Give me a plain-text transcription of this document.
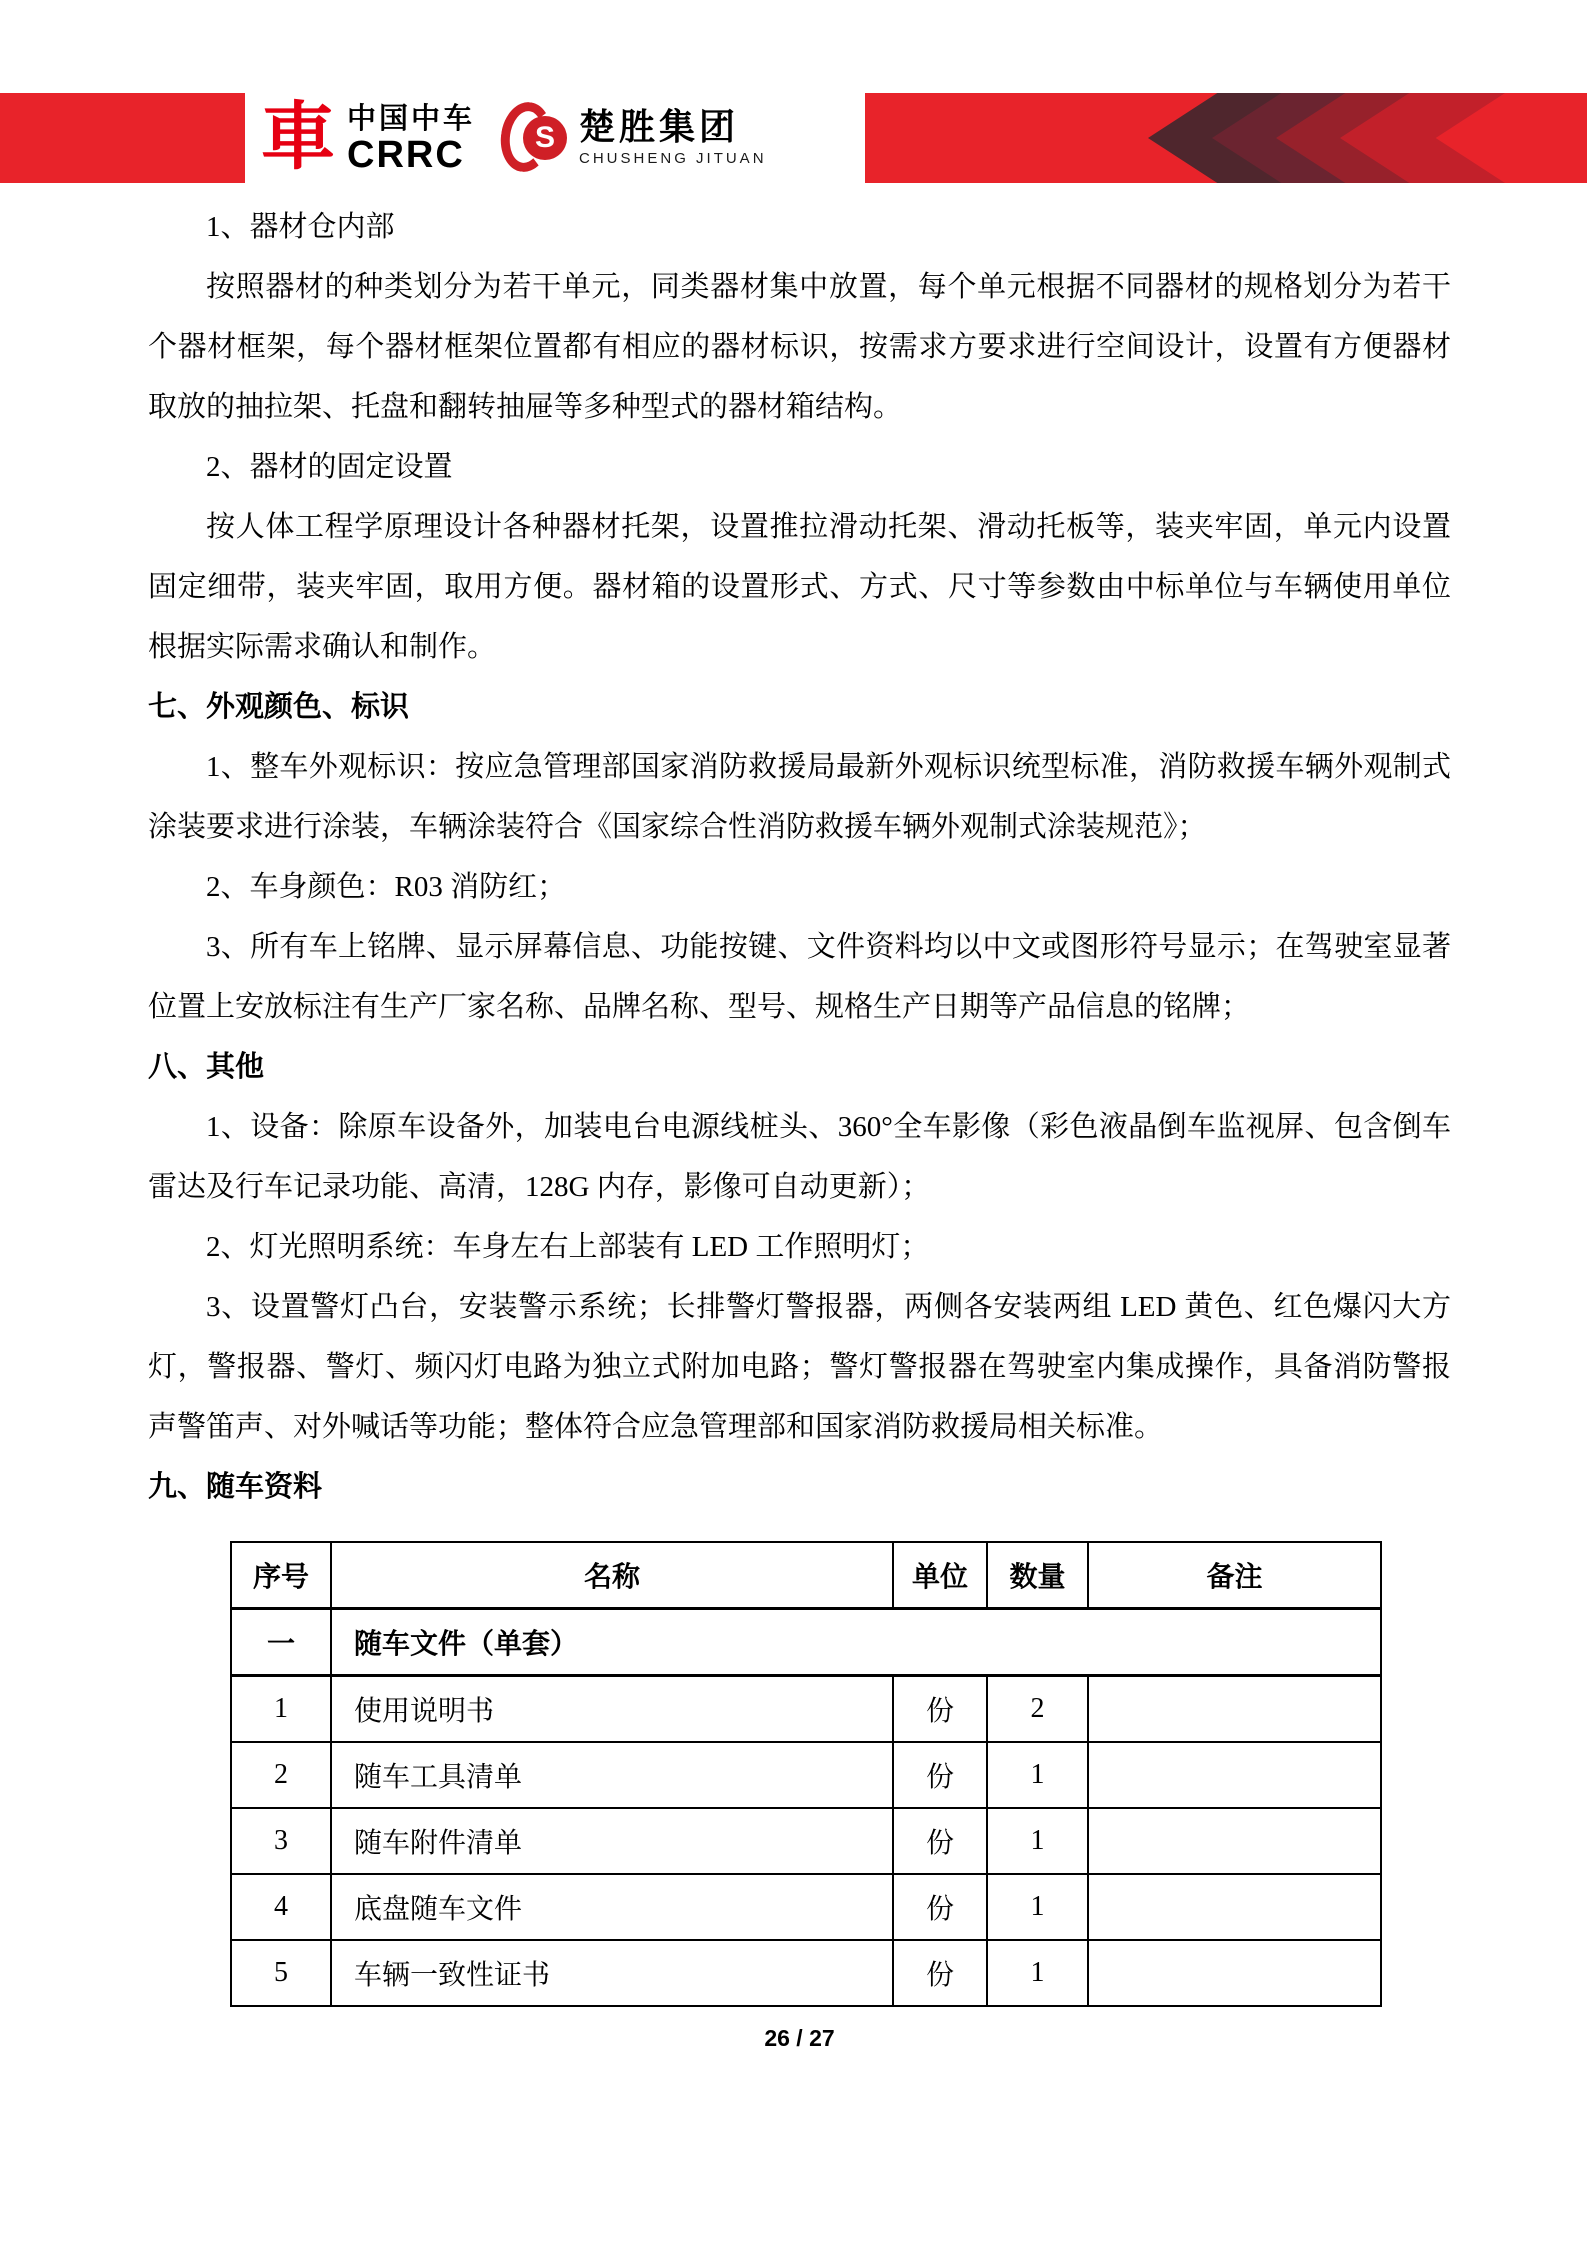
車 中国中车
CRRC	S 楚胜集团
CHUSHENG JITUAN

1、器材仓内部

按照器材的种类划分为若干单元，同类器材集中放置，每个单元根据不同器材的规格划分为若干个器材框架，每个器材框架位置都有相应的器材标识，按需求方要求进行空间设计，设置有方便器材取放的抽拉架、托盘和翻转抽屉等多种型式的器材箱结构。

2、器材的固定设置

按人体工程学原理设计各种器材托架，设置推拉滑动托架、滑动托板等，装夹牢固，单元内设置固定细带，装夹牢固，取用方便。器材箱的设置形式、方式、尺寸等参数由中标单位与车辆使用单位根据实际需求确认和制作。

七、外观颜色、标识

1、整车外观标识：按应急管理部国家消防救援局最新外观标识统型标准，消防救援车辆外观制式涂装要求进行涂装，车辆涂装符合《国家综合性消防救援车辆外观制式涂装规范》；

2、车身颜色：R03 消防红；

3、所有车上铭牌、显示屏幕信息、功能按键、文件资料均以中文或图形符号显示；在驾驶室显著位置上安放标注有生产厂家名称、品牌名称、型号、规格生产日期等产品信息的铭牌；

八、其他

1、设备：除原车设备外，加装电台电源线桩头、360°全车影像（彩色液晶倒车监视屏、包含倒车雷达及行车记录功能、高清，128G 内存，影像可自动更新）；

2、灯光照明系统：车身左右上部装有 LED 工作照明灯；

3、设置警灯凸台，安装警示系统；长排警灯警报器，两侧各安装两组 LED 黄色、红色爆闪大方灯，警报器、警灯、频闪灯电路为独立式附加电路；警灯警报器在驾驶室内集成操作，具备消防警报声警笛声、对外喊话等功能；整体符合应急管理部和国家消防救援局相关标准。

九、随车资料

序号	名称	单位	数量	备注
一	随车文件（单套）			
1	使用说明书	份	2	
2	随车工具清单	份	1	
3	随车附件清单	份	1	
4	底盘随车文件	份	1	
5	车辆一致性证书	份	1	
26 / 27
